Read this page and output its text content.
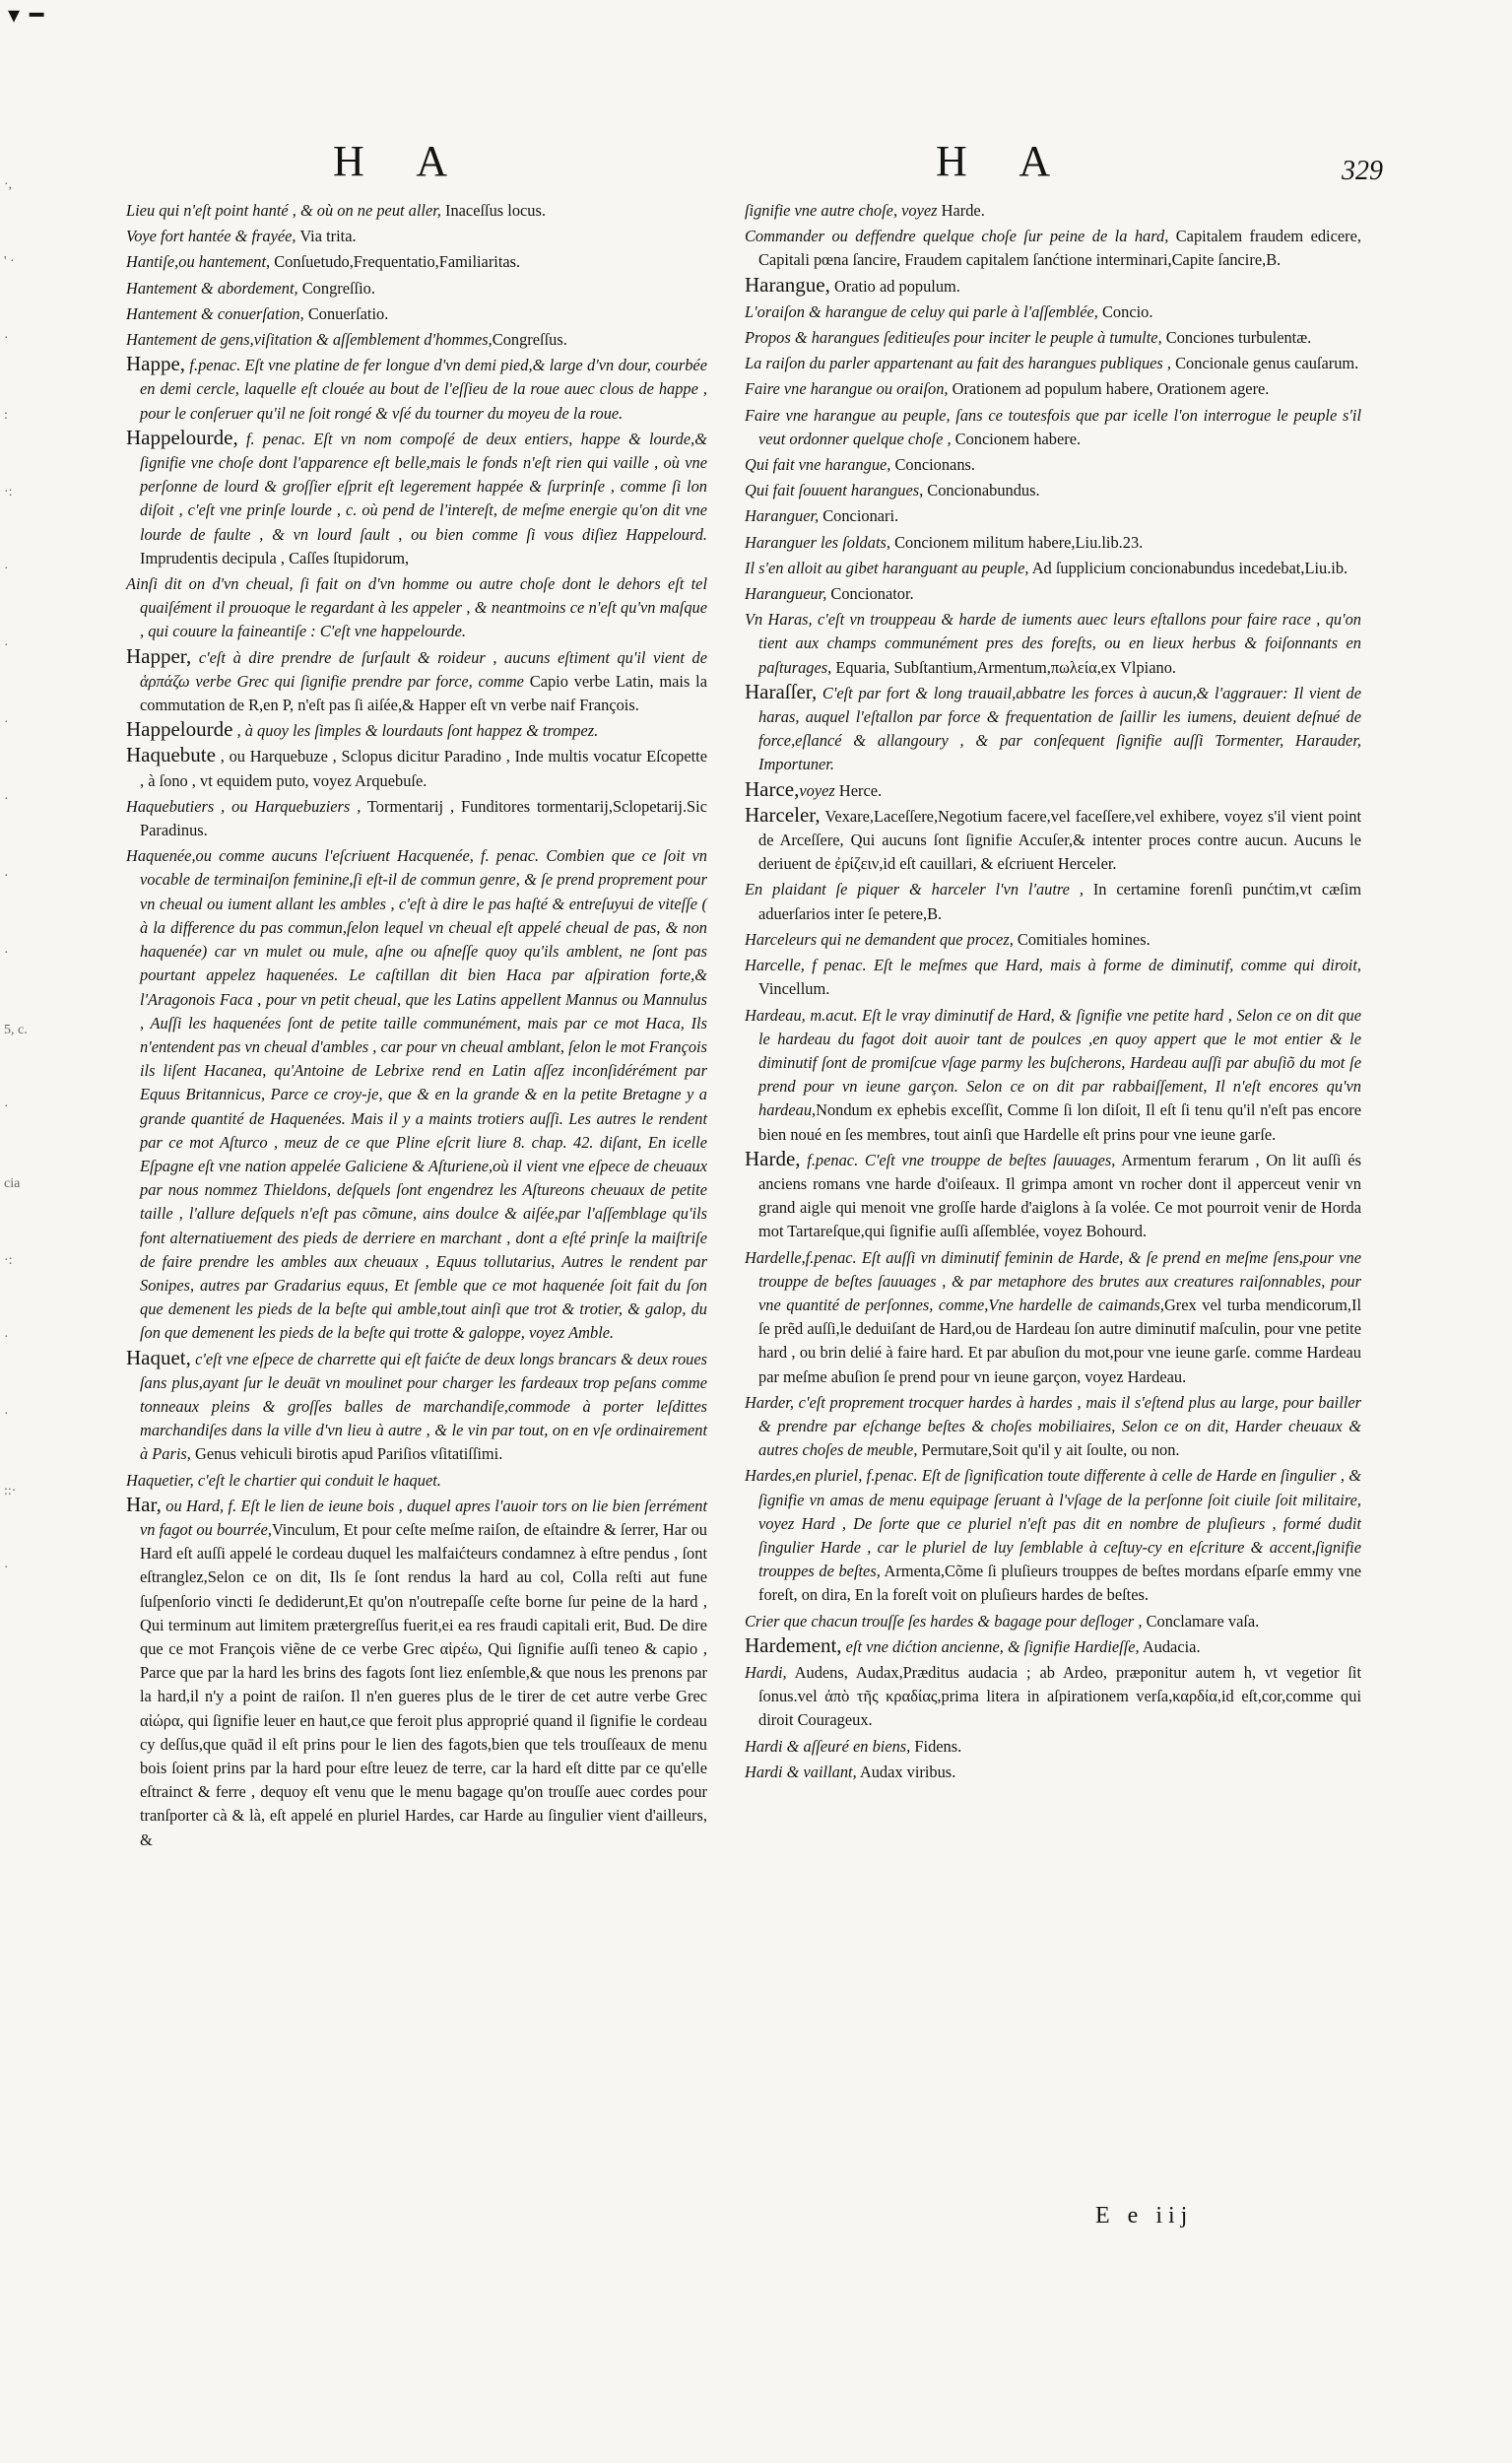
▾ ━
·,
' ·
·
:
·:
·
·
·
·
·
·
5, c.
·
cia
·:
·
·
::·
·
H A	H A	329

Lieu qui n'eſt point hanté , & où on ne peut aller, Inaceſſus locus.

Voye fort hantée & frayée, Via trita.

Hantiſe,ou hantement, Conſuetudo,Frequentatio,Familiaritas.

Hantement & abordement, Congreſſio.

Hantement & conuerſation, Conuerſatio.

Hantement de gens,viſitation & aſſemblement d'hommes,Congreſſus.

Happe, f.penac. Eſt vne platine de fer longue d'vn demi pied,& large d'vn dour, courbée en demi cercle, laquelle eſt clouée au bout de l'eſſieu de la roue auec clous de happe , pour le conſeruer qu'il ne ſoit rongé & vſé du tourner du moyeu de la roue.

Happelourde, f. penac. Eſt vn nom compoſé de deux entiers, happe & lourde,& ſignifie vne choſe dont l'apparence eſt belle,mais le fonds n'eſt rien qui vaille , où vne perſonne de lourd & groſſier eſprit eſt legerement happée & ſurprinſe , comme ſi lon diſoit , c'eſt vne prinſe lourde , c. où pend de l'intereſt, de meſme energie qu'on dit vne lourde de faulte , & vn lourd ſault , ou bien comme ſi vous diſiez Happelourd. Imprudentis decipula , Caſſes ſtupidorum,

Ainſi dit on d'vn cheual, ſi fait on d'vn homme ou autre choſe dont le dehors eſt tel quaiſément il prouoque le regardant à les appeler , & neantmoins ce n'eſt qu'vn maſque , qui couure la faineantiſe : C'eſt vne happelourde.

Happer, c'eſt à dire prendre de ſurſault & roideur , aucuns eſtiment qu'il vient de ἁρπάζω verbe Grec qui ſignifie prendre par force, comme Capio verbe Latin, mais la commutation de R,en P, n'eſt pas ſi aiſée,& Happer eſt vn verbe naif François.

Happelourde , à quoy les ſimples & lourdauts ſont happez & trompez.

Haquebute , ou Harquebuze , Sclopus dicitur Paradino , Inde multis vocatur Eſcopette , à ſono , vt equidem puto, voyez Arquebuſe.

Haquebutiers , ou Harquebuziers , Tormentarij , Funditores tormentarij,Sclopetarij.Sic Paradinus.

Haquenée,ou comme aucuns l'eſcriuent Hacquenée, f. penac. Combien que ce ſoit vn vocable de terminaiſon feminine,ſi eſt-il de commun genre, & ſe prend proprement pour vn cheual ou iument allant les ambles , c'eſt à dire le pas haſté & entreſuyui de viteſſe ( à la difference du pas commun,ſelon lequel vn cheual eſt appelé cheual de pas, & non haquenée) car vn mulet ou mule, aſne ou aſneſſe quoy qu'ils amblent, ne ſont pas pourtant appelez haquenées. Le caſtillan dit bien Haca par aſpiration forte,& l'Aragonois Faca , pour vn petit cheual, que les Latins appellent Mannus ou Mannulus , Auſſi les haquenées ſont de petite taille communément, mais par ce mot Haca, Ils n'entendent pas vn cheual d'ambles , car pour vn cheual amblant, ſelon le mot François ils liſent Hacanea, qu'Antoine de Lebrixe rend en Latin aſſez inconſidérément par Equus Britannicus, Parce ce croy-je, que & en la grande & en la petite Bretagne y a grande quantité de Haquenées. Mais il y a maints trotiers auſſi. Les autres le rendent par ce mot Aſturco , meuz de ce que Pline eſcrit liure 8. chap. 42. diſant, En icelle Eſpagne eſt vne nation appelée Galiciene & Aſturiene,où il vient vne eſpece de cheuaux par nous nommez Thieldons, deſquels ſont engendrez les Aſtureons cheuaux de petite taille , l'allure deſquels n'eſt pas cõmune, ains doulce & aiſée,par l'aſſemblage qu'ils font alternatiuement des pieds de derriere en marchant , dont a eſté prinſe la maiſtriſe de faire prendre les ambles aux cheuaux , Equus tollutarius, Autres le rendent par Sonipes, autres par Gradarius equus, Et ſemble que ce mot haquenée ſoit fait du ſon que demenent les pieds de la beſte qui amble,tout ainſi que trot & trotier, & galop, du ſon que demenent les pieds de la beſte qui trotte & galoppe, voyez Amble.

Haquet, c'eſt vne eſpece de charrette qui eſt faićte de deux longs brancars & deux roues ſans plus,ayant ſur le deuāt vn moulinet pour charger les fardeaux trop peſans comme tonneaux pleins & groſſes balles de marchandiſe,commode à porter leſdittes marchandiſes dans la ville d'vn lieu à autre , & le vin par tout, on en vſe ordinairement à Paris, Genus vehiculi birotis apud Pariſios vſitatiſſimi.

Haquetier, c'eſt le chartier qui conduit le haquet.

Har, ou Hard, f. Eſt le lien de ieune bois , duquel apres l'auoir tors on lie bien ſerrément vn fagot ou bourrée,Vinculum, Et pour ceſte meſme raiſon, de eſtaindre & ſerrer, Har ou Hard eſt auſſi appelé le cordeau duquel les malfaićteurs condamnez à eſtre pendus , ſont eſtranglez,Selon ce on dit, Ils ſe ſont rendus la hard au col, Colla reſti aut fune ſuſpenſorio vincti ſe dediderunt,Et qu'on n'outrepaſſe ceſte borne ſur peine de la hard , Qui terminum aut limitem prætergreſſus fuerit,ei ea res fraudi capitali erit, Bud. De dire que ce mot François viẽne de ce verbe Grec αἱρέω, Qui ſignifie auſſi teneo & capio , Parce que par la hard les brins des fagots ſont liez enſemble,& que nous les prenons par la hard,il n'y a point de raiſon. Il n'en gueres plus de le tirer de cet autre verbe Grec αἰώρα, qui ſignifie leuer en haut,ce que feroit plus approprié quand il ſignifie le cordeau cy deſſus,que quād il eſt prins pour le lien des fagots,bien que tels trouſſeaux de menu bois ſoient prins par la hard pour eſtre leuez de terre, car la hard eſt ditte par ce qu'elle eſtrainct & ferre , dequoy eſt venu que le menu bagage qu'on trouſſe auec cordes pour tranſporter cà & là, eſt appelé en pluriel Hardes, car Harde au ſingulier vient d'ailleurs, &

ſignifie vne autre choſe, voyez Harde.

Commander ou deffendre quelque choſe ſur peine de la hard, Capitalem fraudem edicere, Capitali pœna ſancire, Fraudem capitalem ſanćtione interminari,Capite ſancire,B.

Harangue, Oratio ad populum.

L'oraiſon & harangue de celuy qui parle à l'aſſemblée, Concio.

Propos & harangues ſeditieuſes pour inciter le peuple à tumulte, Conciones turbulentæ.

La raiſon du parler appartenant au fait des harangues publiques , Concionale genus cauſarum.

Faire vne harangue ou oraiſon, Orationem ad populum habere, Orationem agere.

Faire vne harangue au peuple, ſans ce toutesfois que par icelle l'on interrogue le peuple s'il veut ordonner quelque choſe , Concionem habere.

Qui fait vne harangue, Concionans.

Qui fait ſouuent harangues, Concionabundus.

Haranguer, Concionari.

Haranguer les ſoldats, Concionem militum habere,Liu.lib.23.

Il s'en alloit au gibet haranguant au peuple, Ad ſupplicium concionabundus incedebat,Liu.ib.

Harangueur, Concionator.

Vn Haras, c'eſt vn trouppeau & harde de iuments auec leurs eſtallons pour faire race , qu'on tient aux champs communément pres des foreſts, ou en lieux herbus & foiſonnants en paſturages, Equaria, Subſtantium,Armentum,πωλεία,ex Vlpiano.

Haraſſer, C'eſt par fort & long trauail,abbatre les forces à aucun,& l'aggrauer: Il vient de haras, auquel l'eſtallon par force & frequentation de ſaillir les iumens, deuient deſnué de force,eſlancé & allangoury , & par conſequent ſignifie auſſi Tormenter, Harauder, Importuner.

Harce,voyez Herce.

Harceler, Vexare,Laceſſere,Negotium facere,vel faceſſere,vel exhibere, voyez s'il vient point de Arceſſere, Qui aucuns ſont ſignifie Accuſer,& intenter proces contre aucun. Aucuns le deriuent de ἐρίζειν,id eſt cauillari, & eſcriuent Herceler.

En plaidant ſe piquer & harceler l'vn l'autre , In certamine forenſi punćtim,vt cæſim aduerſarios inter ſe petere,B.

Harceleurs qui ne demandent que procez, Comitiales homines.

Harcelle, f penac. Eſt le meſmes que Hard, mais à forme de diminutif, comme qui diroit, Vincellum.

Hardeau, m.acut. Eſt le vray diminutif de Hard, & ſignifie vne petite hard , Selon ce on dit que le hardeau du fagot doit auoir tant de poulces ,en quoy appert que le mot entier & le diminutif ſont de promiſcue vſage parmy les buſcherons, Hardeau auſſi par abuſiõ du mot ſe prend pour vn ieune garçon. Selon ce on dit par rabbaiſſement, Il n'eſt encores qu'vn hardeau,Nondum ex ephebis exceſſit, Comme ſi lon diſoit, Il eſt ſi tenu qu'il n'eſt pas encore bien noué en ſes membres, tout ainſi que Hardelle eſt prins pour vne ieune garſe.

Harde, f.penac. C'eſt vne trouppe de beſtes ſauuages, Armentum ferarum , On lit auſſi és anciens romans vne harde d'oiſeaux. Il grimpa amont vn rocher dont il apperceut venir vn grand aigle qui menoit vne groſſe harde d'aiglons à ſa volée. Ce mot pourroit venir de Horda mot Tartareſque,qui ſignifie auſſi aſſemblée, voyez Bohourd.

Hardelle,f.penac. Eſt auſſi vn diminutif feminin de Harde, & ſe prend en meſme ſens,pour vne trouppe de beſtes ſauuages , & par metaphore des brutes aux creatures raiſonnables, pour vne quantité de perſonnes, comme,Vne hardelle de caimands,Grex vel turba mendicorum,Il ſe prẽd auſſi,le deduiſant de Hard,ou de Hardeau ſon autre diminutif maſculin, pour vne petite hard , ou brin delié à faire hard. Et par abuſion du mot,pour vne ieune garſe. comme Hardeau par meſme abuſion ſe prend pour vn ieune garçon, voyez Hardeau.

Harder, c'eſt proprement trocquer hardes à hardes , mais il s'eſtend plus au large, pour bailler & prendre par eſchange beſtes & choſes mobiliaires, Selon ce on dit, Harder cheuaux & autres choſes de meuble, Permutare,Soit qu'il y ait ſoulte, ou non.

Hardes,en pluriel, f.penac. Eſt de ſignification toute differente à celle de Harde en ſingulier , & ſignifie vn amas de menu equipage ſeruant à l'vſage de la perſonne ſoit ciuile ſoit militaire, voyez Hard , De ſorte que ce pluriel n'eſt pas dit en nombre de pluſieurs , formé dudit ſingulier Harde , car le pluriel de luy ſemblable à ceſtuy-cy en eſcriture & accent,ſignifie trouppes de beſtes, Armenta,Cõme ſi pluſieurs trouppes de beſtes mordans eſparſe emmy vne foreſt, on dira, En la foreſt voit on pluſieurs hardes de beſtes.

Crier que chacun trouſſe ſes hardes & bagage pour deſloger , Conclamare vaſa.

Hardement, eſt vne dićtion ancienne, & ſignifie Hardieſſe, Audacia.

Hardi, Audens, Audax,Præditus audacia ; ab Ardeo, præponitur autem h, vt vegetior ſit ſonus.vel ἀπὸ τῆς κραδίας,prima litera in aſpirationem verſa,καρδία,id eſt,cor,comme qui diroit Courageux.

Hardi & aſſeuré en biens, Fidens.

Hardi & vaillant, Audax viribus.

E e iij
